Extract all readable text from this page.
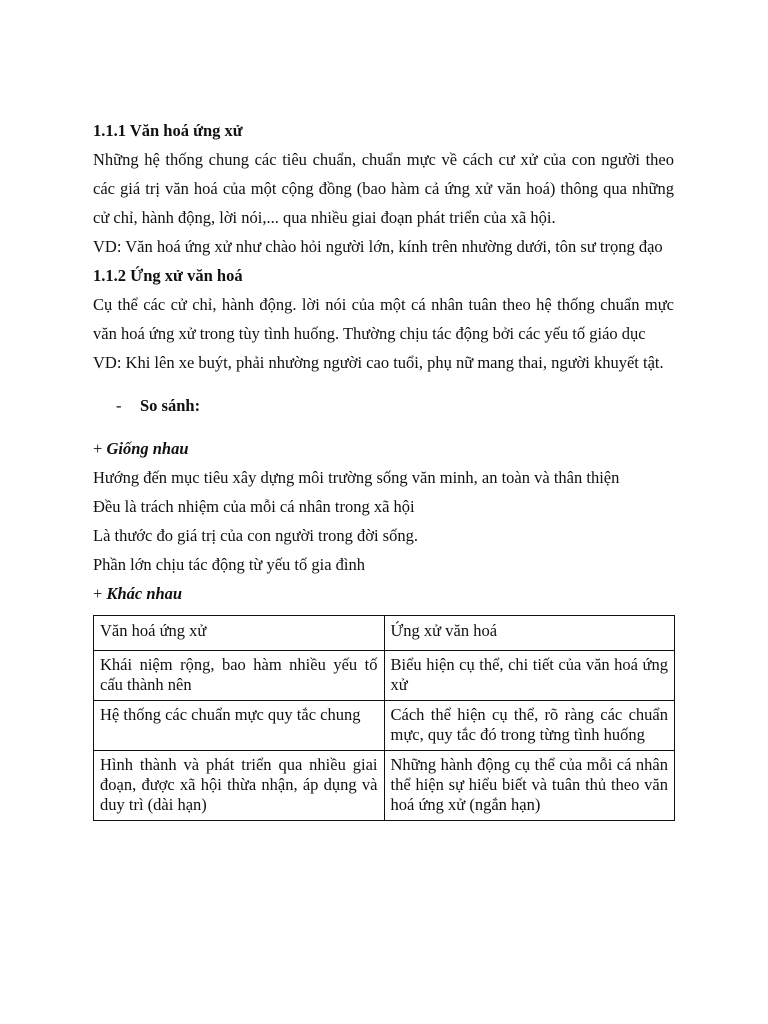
1.1.1 Văn hoá ứng xử

Những hệ thống chung các tiêu chuẩn, chuẩn mực về cách cư xử của con người theo các giá trị văn hoá của một cộng đồng (bao hàm cả ứng xử văn hoá) thông qua những cử chỉ, hành động, lời nói,... qua nhiều giai đoạn phát triển của xã hội.

VD: Văn hoá ứng xử như chào hỏi người lớn, kính trên nhường dưới, tôn sư trọng đạo

1.1.2 Ứng xử văn hoá

Cụ thể các cử chỉ, hành động. lời nói của một cá nhân tuân theo hệ thống chuẩn mực văn hoá ứng xử trong tùy tình huống. Thường chịu tác động bởi các yếu tố giáo dục

VD: Khi lên xe buýt, phải nhường người cao tuổi, phụ nữ mang thai, người khuyết tật.

- So sánh:

+ Giống nhau

Hướng đến mục tiêu xây dựng môi trường sống văn minh, an toàn và thân thiện

Đều là trách nhiệm của mỗi cá nhân trong xã hội

Là thước đo giá trị của con người trong đời sống.

Phần lớn chịu tác động từ yếu tố gia đình

+ Khác nhau

Văn hoá ứng xử	Ứng xử văn hoá
Khái niệm rộng, bao hàm nhiều yếu tố cấu thành nên	Biểu hiện cụ thể, chi tiết của văn hoá ứng xử
Hệ thống các chuẩn mực quy tắc chung	Cách thể hiện cụ thể, rõ ràng các chuẩn mực, quy tắc đó trong từng tình huống
Hình thành và phát triển qua nhiều giai đoạn, được xã hội thừa nhận, áp dụng và duy trì (dài hạn)	Những hành động cụ thể của mỗi cá nhân thể hiện sự hiểu biết và tuân thủ theo văn hoá ứng xử (ngắn hạn)
